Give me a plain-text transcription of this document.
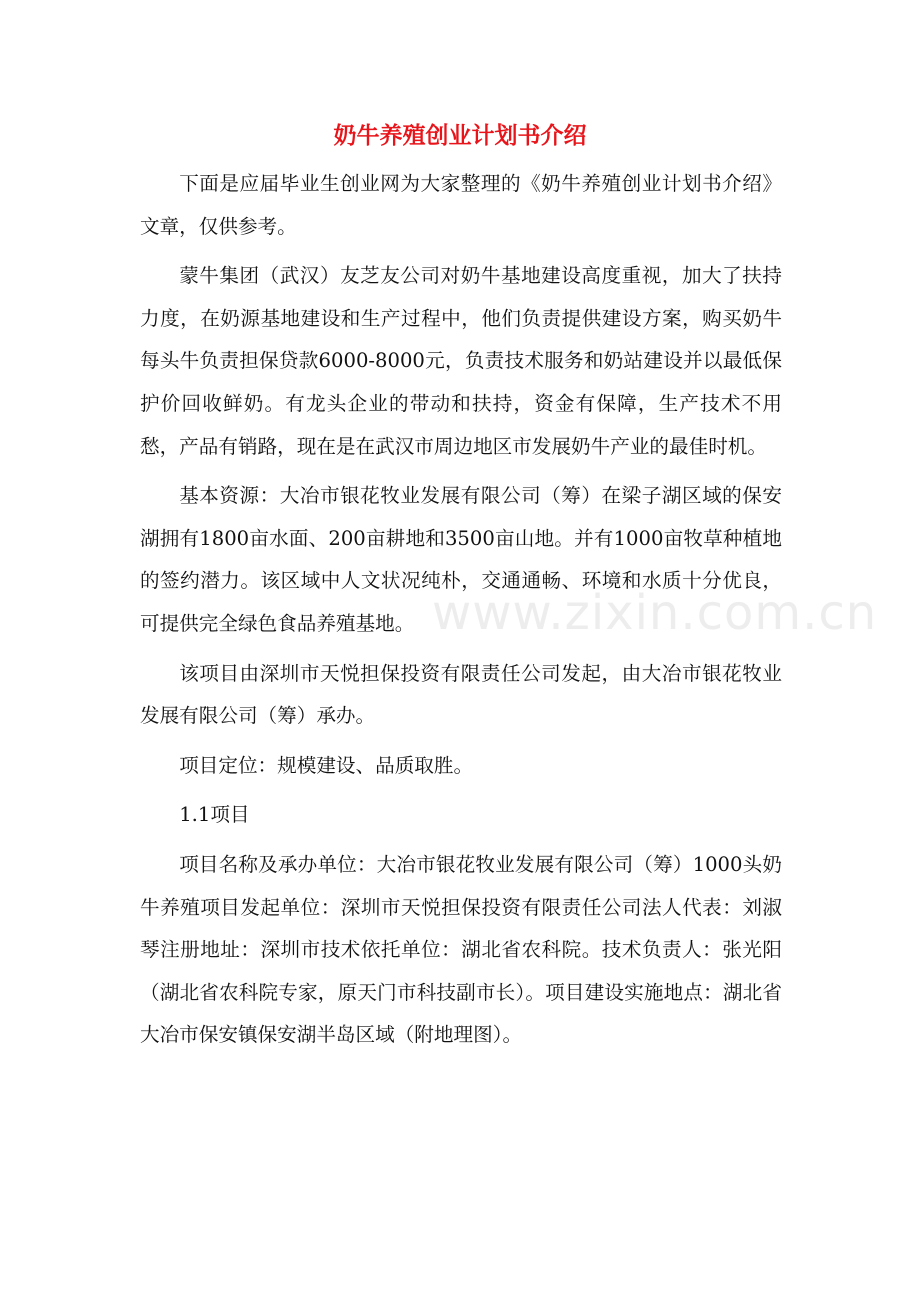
奶牛养殖创业计划书介绍

下面是应届毕业生创业网为大家整理的《奶牛养殖创业计划书介绍》文章，仅供参考。

蒙牛集团（武汉）友芝友公司对奶牛基地建设高度重视，加大了扶持力度，在奶源基地建设和生产过程中，他们负责提供建设方案，购买奶牛每头牛负责担保贷款6000-8000元，负责技术服务和奶站建设并以最低保护价回收鲜奶。有龙头企业的带动和扶持，资金有保障，生产技术不用愁，产品有销路，现在是在武汉市周边地区市发展奶牛产业的最佳时机。

基本资源：大冶市银花牧业发展有限公司（筹）在梁子湖区域的保安湖拥有1800亩水面、200亩耕地和3500亩山地。并有1000亩牧草种植地的签约潜力。该区域中人文状况纯朴，交通通畅、环境和水质十分优良，可提供完全绿色食品养殖基地。

该项目由深圳市天悦担保投资有限责任公司发起，由大冶市银花牧业发展有限公司（筹）承办。

项目定位：规模建设、品质取胜。

1.1项目

项目名称及承办单位：大冶市银花牧业发展有限公司（筹）1000头奶牛养殖项目发起单位：深圳市天悦担保投资有限责任公司法人代表：刘淑琴注册地址：深圳市技术依托单位：湖北省农科院。技术负责人：张光阳（湖北省农科院专家，原天门市科技副市长）。项目建设实施地点：湖北省大冶市保安镇保安湖半岛区域（附地理图）。

www.zixin.com.cn
